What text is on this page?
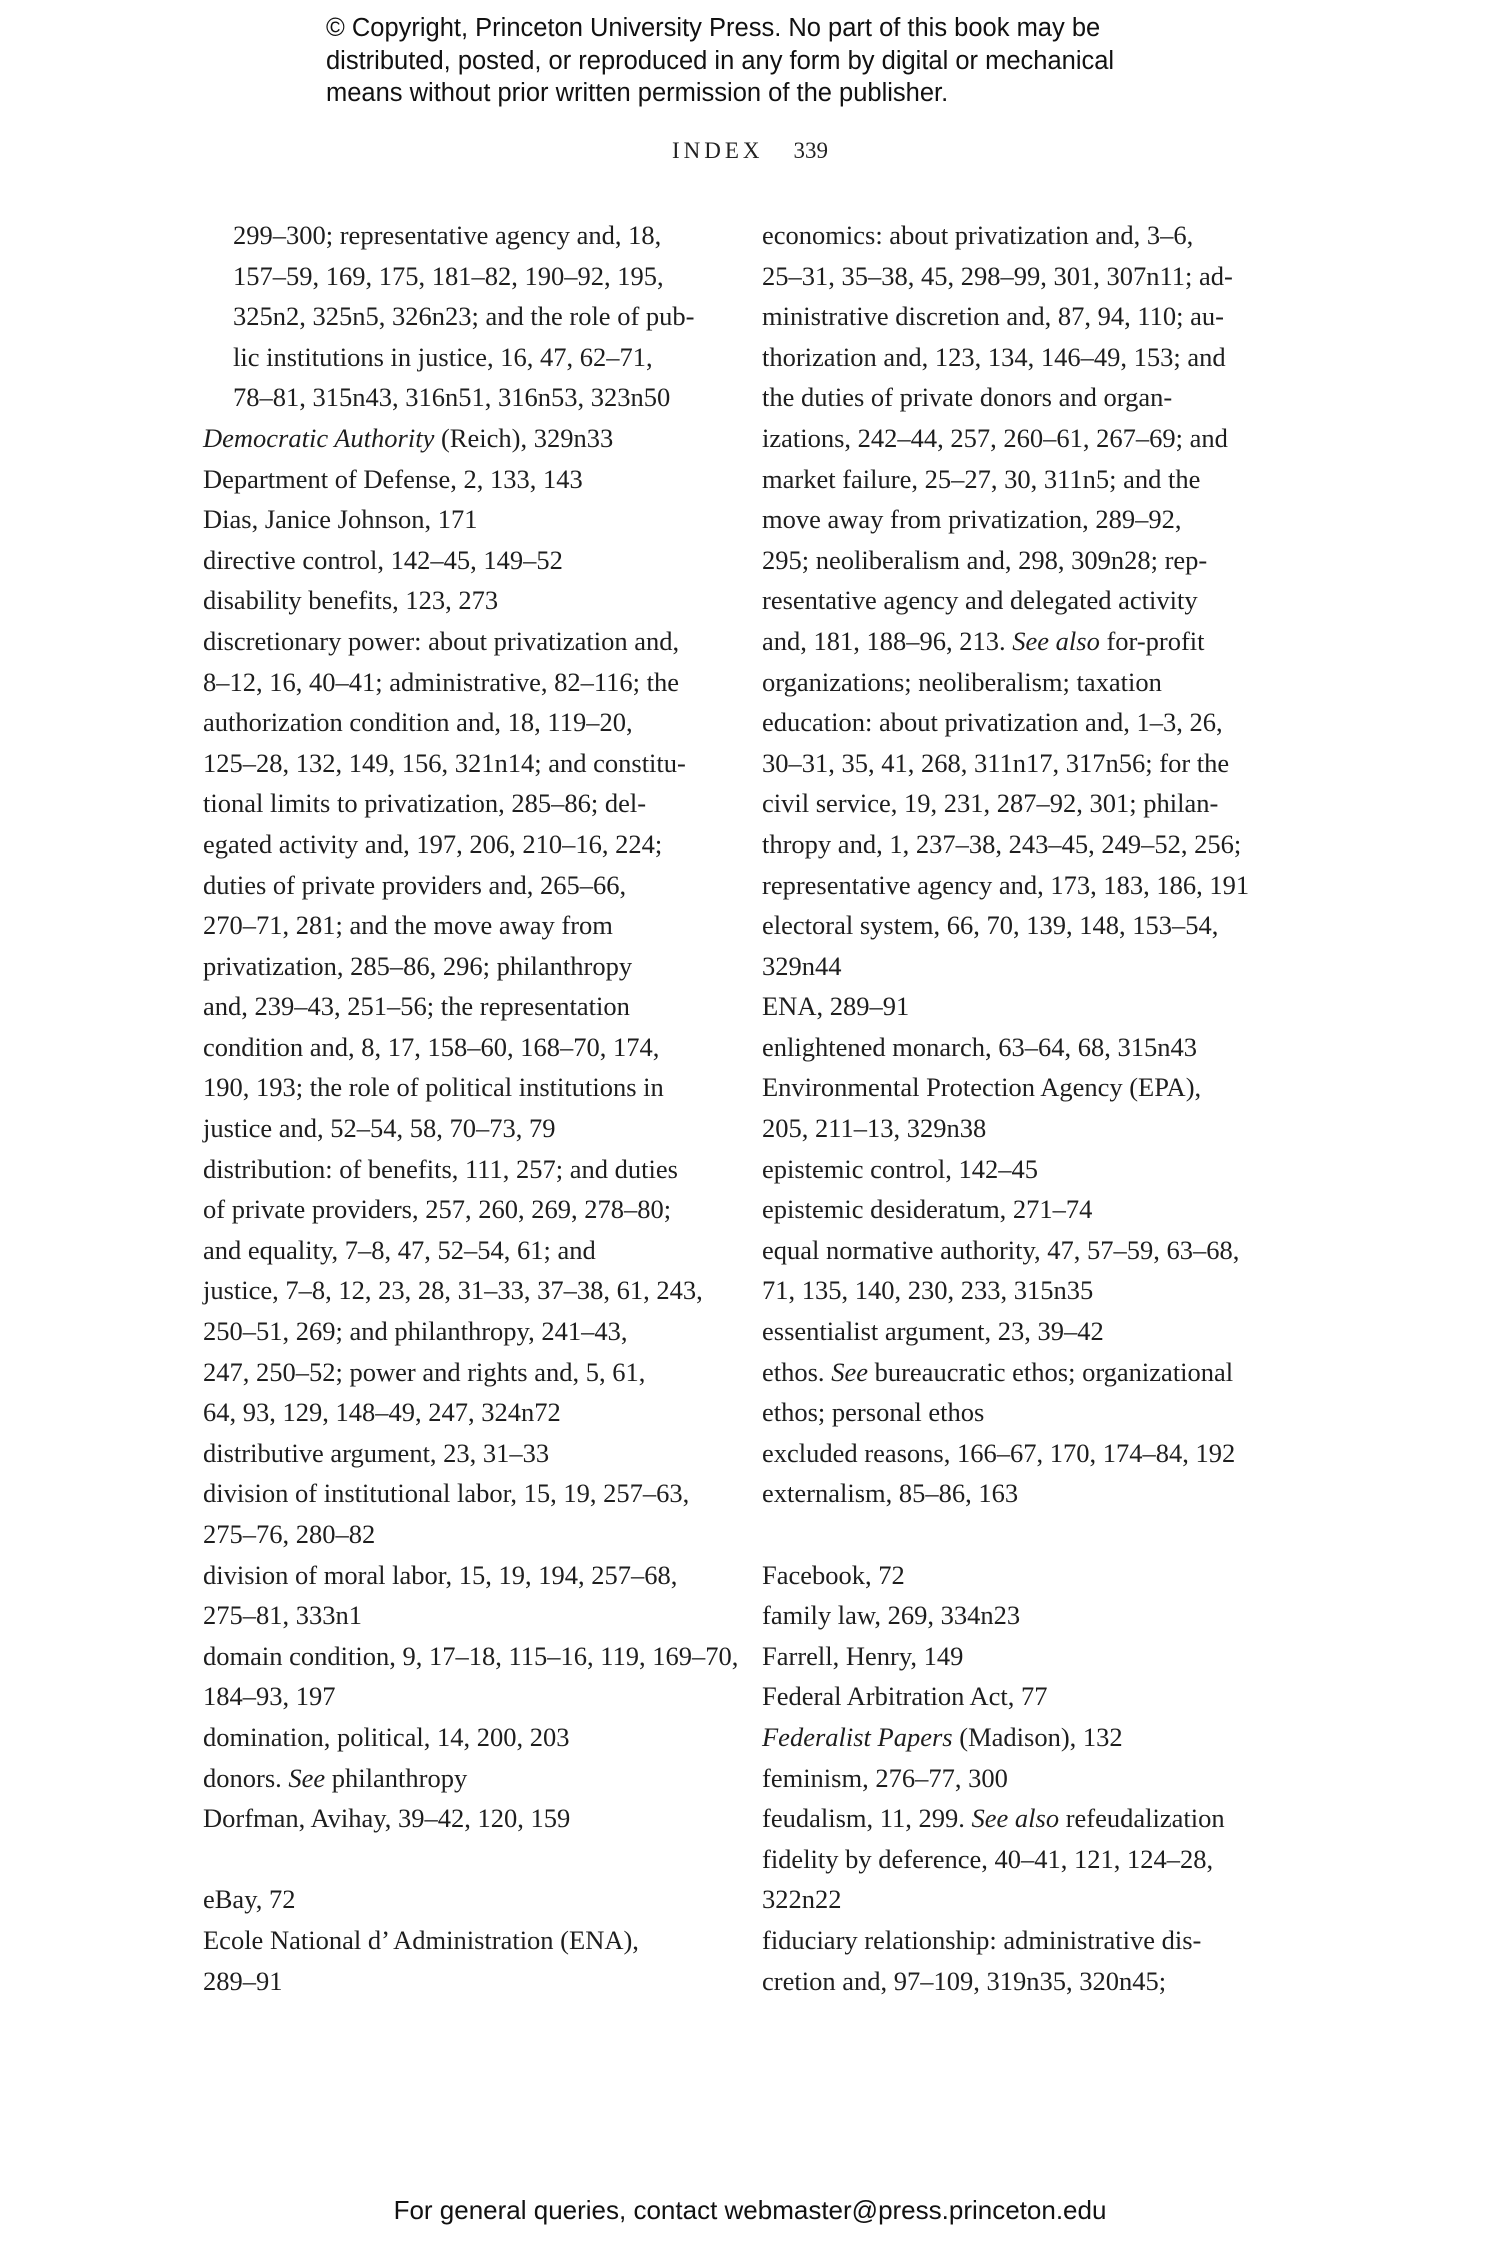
© Copyright, Princeton University Press. No part of this book may be
distributed, posted, or reproduced in any form by digital or mechanical
means without prior written permission of the publisher.
INDEX 339
299–300; representative agency and, 18,
157–59, 169, 175, 181–82, 190–92, 195,
325n2, 325n5, 326n23; and the role of pub-
lic institutions in justice, 16, 47, 62–71,
78–81, 315n43, 316n51, 316n53, 323n50
Democratic Authority (Reich), 329n33
Department of Defense, 2, 133, 143
Dias, Janice Johnson, 171
directive control, 142–45, 149–52
disability benefits, 123, 273
discretionary power: about privatization and,
8–12, 16, 40–41; administrative, 82–116; the
authorization condition and, 18, 119–20,
125–28, 132, 149, 156, 321n14; and constitu-
tional limits to privatization, 285–86; del-
egated activity and, 197, 206, 210–16, 224;
duties of private providers and, 265–66,
270–71, 281; and the move away from
privatization, 285–86, 296; philanthropy
and, 239–43, 251–56; the representation
condition and, 8, 17, 158–60, 168–70, 174,
190, 193; the role of political institutions in
justice and, 52–54, 58, 70–73, 79
distribution: of benefits, 111, 257; and duties
of private providers, 257, 260, 269, 278–80;
and equality, 7–8, 47, 52–54, 61; and
justice, 7–8, 12, 23, 28, 31–33, 37–38, 61, 243,
250–51, 269; and philanthropy, 241–43,
247, 250–52; power and rights and, 5, 61,
64, 93, 129, 148–49, 247, 324n72
distributive argument, 23, 31–33
division of institutional labor, 15, 19, 257–63,
275–76, 280–82
division of moral labor, 15, 19, 194, 257–68,
275–81, 333n1
domain condition, 9, 17–18, 115–16, 119, 169–70,
184–93, 197
domination, political, 14, 200, 203
donors. See philanthropy
Dorfman, Avihay, 39–42, 120, 159
eBay, 72
Ecole National d’ Administration (ENA),
289–91
economics: about privatization and, 3–6,
25–31, 35–38, 45, 298–99, 301, 307n11; ad-
ministrative discretion and, 87, 94, 110; au-
thorization and, 123, 134, 146–49, 153; and
the duties of private donors and organ-
izations, 242–44, 257, 260–61, 267–69; and
market failure, 25–27, 30, 311n5; and the
move away from privatization, 289–92,
295; neoliberalism and, 298, 309n28; rep-
resentative agency and delegated activity
and, 181, 188–96, 213. See also for-profit
organizations; neoliberalism; taxation
education: about privatization and, 1–3, 26,
30–31, 35, 41, 268, 311n17, 317n56; for the
civil service, 19, 231, 287–92, 301; philan-
thropy and, 1, 237–38, 243–45, 249–52, 256;
representative agency and, 173, 183, 186, 191
electoral system, 66, 70, 139, 148, 153–54,
329n44
ENA, 289–91
enlightened monarch, 63–64, 68, 315n43
Environmental Protection Agency (EPA),
205, 211–13, 329n38
epistemic control, 142–45
epistemic desideratum, 271–74
equal normative authority, 47, 57–59, 63–68,
71, 135, 140, 230, 233, 315n35
essentialist argument, 23, 39–42
ethos. See bureaucratic ethos; organizational
ethos; personal ethos
excluded reasons, 166–67, 170, 174–84, 192
externalism, 85–86, 163
Facebook, 72
family law, 269, 334n23
Farrell, Henry, 149
Federal Arbitration Act, 77
Federalist Papers (Madison), 132
feminism, 276–77, 300
feudalism, 11, 299. See also refeudalization
fidelity by deference, 40–41, 121, 124–28,
322n22
fiduciary relationship: administrative dis-
cretion and, 97–109, 319n35, 320n45;
For general queries, contact webmaster@press.princeton.edu
